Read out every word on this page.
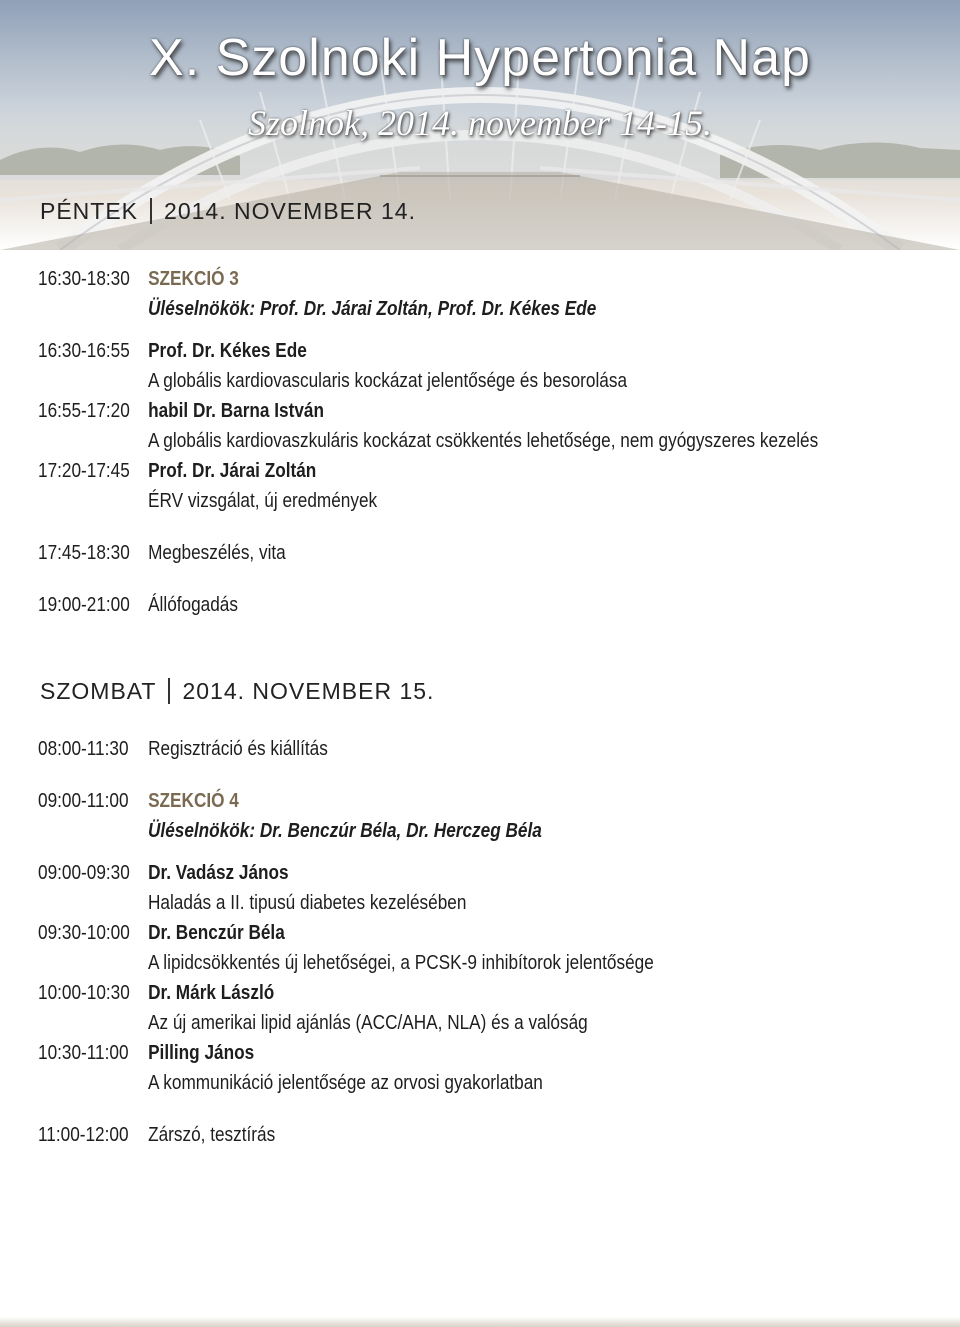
X. Szolnoki Hypertonia Nap
Szolnok, 2014. november 14-15.
PÉNTEK 2014. NOVEMBER 14.
16:30-18:30 SZEKCIÓ 3
Üléselnökök: Prof. Dr. Járai Zoltán, Prof. Dr. Kékes Ede
16:30-16:55 Prof. Dr. Kékes Ede
A globális kardiovascularis kockázat jelentősége és besorolása
16:55-17:20 habil Dr. Barna István
A globális kardiovaszkuláris kockázat csökkentés lehetősége, nem gyógyszeres kezelés
17:20-17:45 Prof. Dr. Járai Zoltán
ÉRV vizsgálat, új eredmények
17:45-18:30 Megbeszélés, vita
19:00-21:00 Állófogadás
SZOMBAT 2014. NOVEMBER 15.
08:00-11:30 Regisztráció és kiállítás
09:00-11:00 SZEKCIÓ 4
Üléselnökök: Dr. Benczúr Béla, Dr. Herczeg Béla
09:00-09:30 Dr. Vadász János
Haladás a II. tipusú diabetes kezelésében
09:30-10:00 Dr. Benczúr Béla
A lipidcsökkentés új lehetőségei, a PCSK-9 inhibítorok jelentősége
10:00-10:30 Dr. Márk László
Az új amerikai lipid ajánlás (ACC/AHA, NLA) és a valóság
10:30-11:00 Pilling János
A kommunikáció jelentősége az orvosi gyakorlatban
11:00-12:00 Zárszó, tesztírás
